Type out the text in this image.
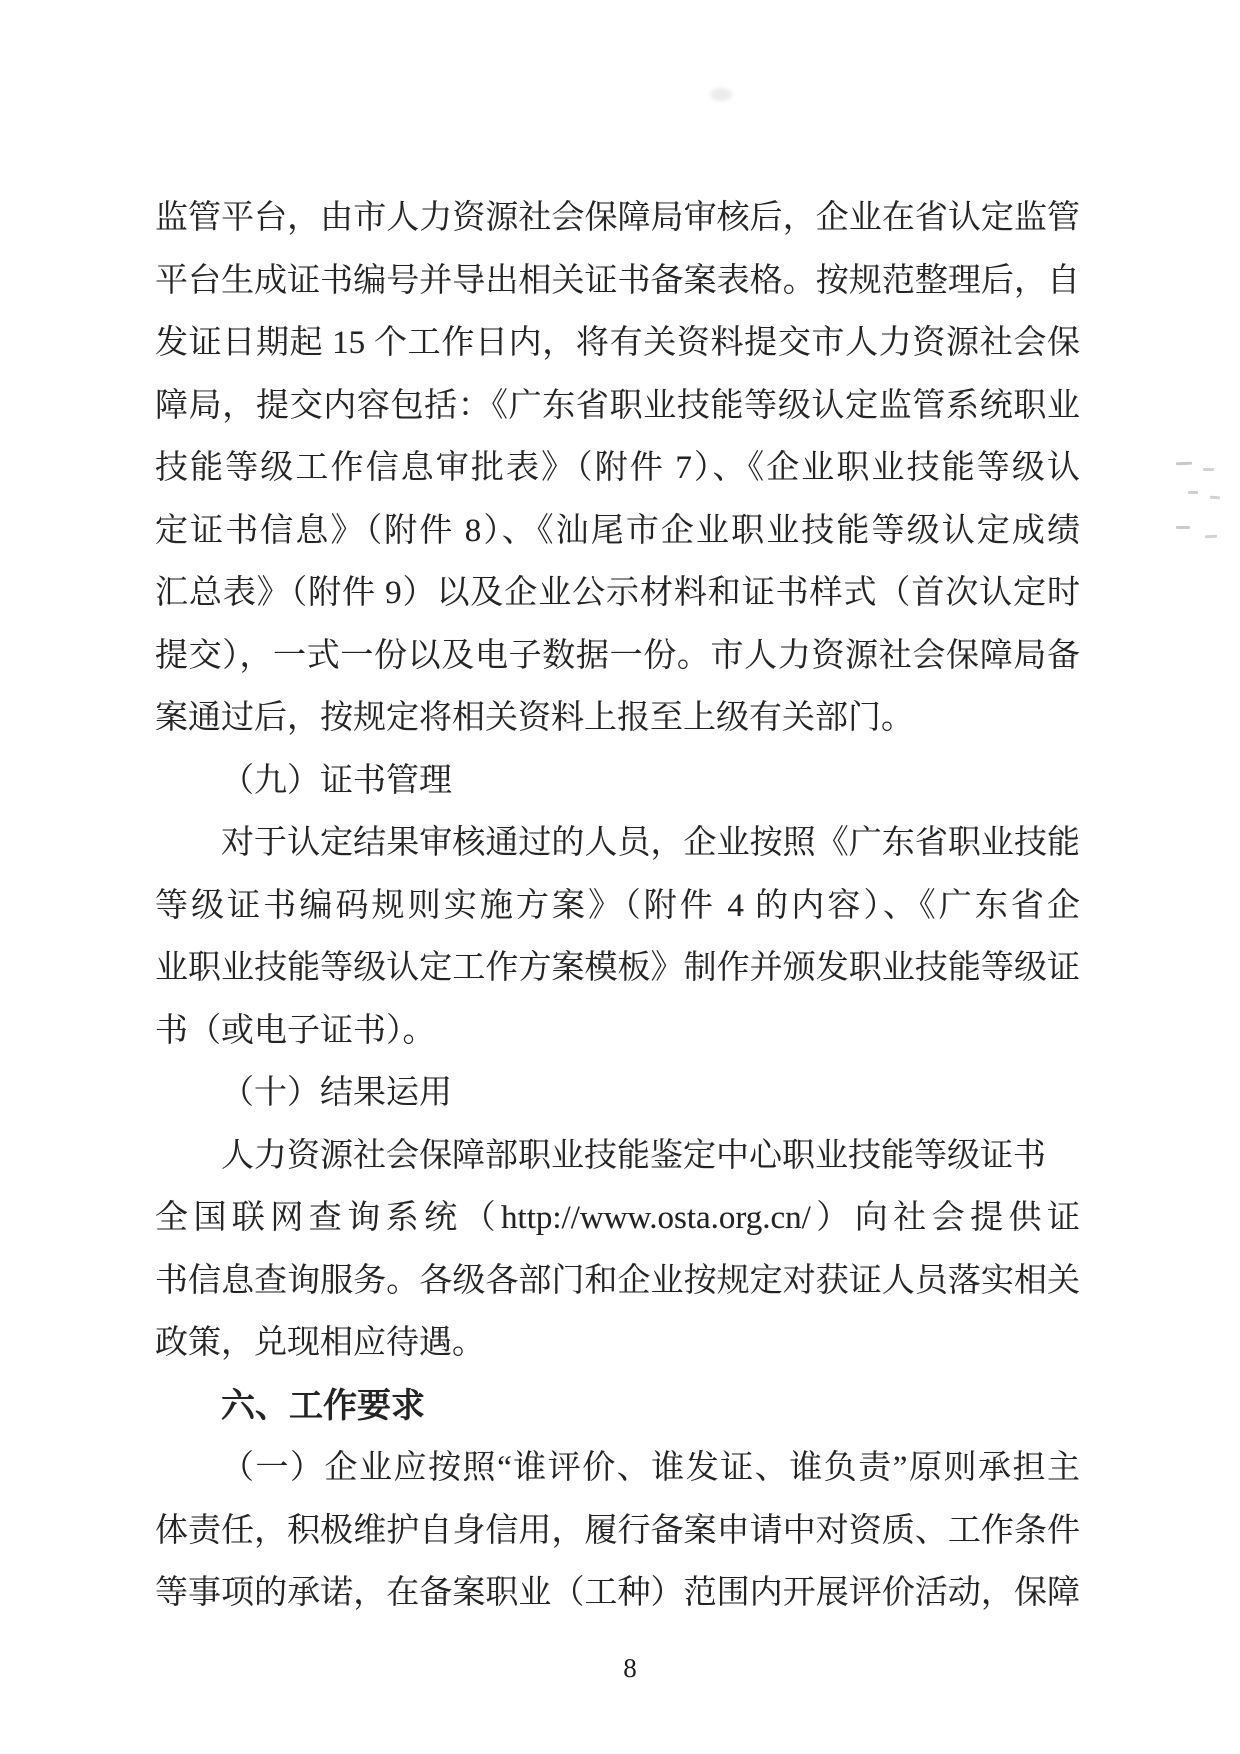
监管平台，由市人力资源社会保障局审核后，企业在省认定监管
平台生成证书编号并导出相关证书备案表格。按规范整理后，自
发证日期起 15 个工作日内，将有关资料提交市人力资源社会保
障局，提交内容包括：《广东省职业技能等级认定监管系统职业
技能等级工作信息审批表》（附件 7）、《企业职业技能等级认
定证书信息》（附件 8）、《汕尾市企业职业技能等级认定成绩
汇总表》（附件 9）以及企业公示材料和证书样式（首次认定时
提交），一式一份以及电子数据一份。市人力资源社会保障局备
案通过后，按规定将相关资料上报至上级有关部门。
（九）证书管理
对于认定结果审核通过的人员，企业按照《广东省职业技能
等级证书编码规则实施方案》（附件 4 的内容）、《广东省企
业职业技能等级认定工作方案模板》制作并颁发职业技能等级证
书（或电子证书）。
（十）结果运用
人力资源社会保障部职业技能鉴定中心职业技能等级证书
全国联网查询系统（http://www.osta.org.cn/）向社会提供证
书信息查询服务。各级各部门和企业按规定对获证人员落实相关
政策，兑现相应待遇。
六、工作要求
（一）企业应按照“谁评价、谁发证、谁负责”原则承担主
体责任，积极维护自身信用，履行备案申请中对资质、工作条件
等事项的承诺，在备案职业（工种）范围内开展评价活动，保障
8
